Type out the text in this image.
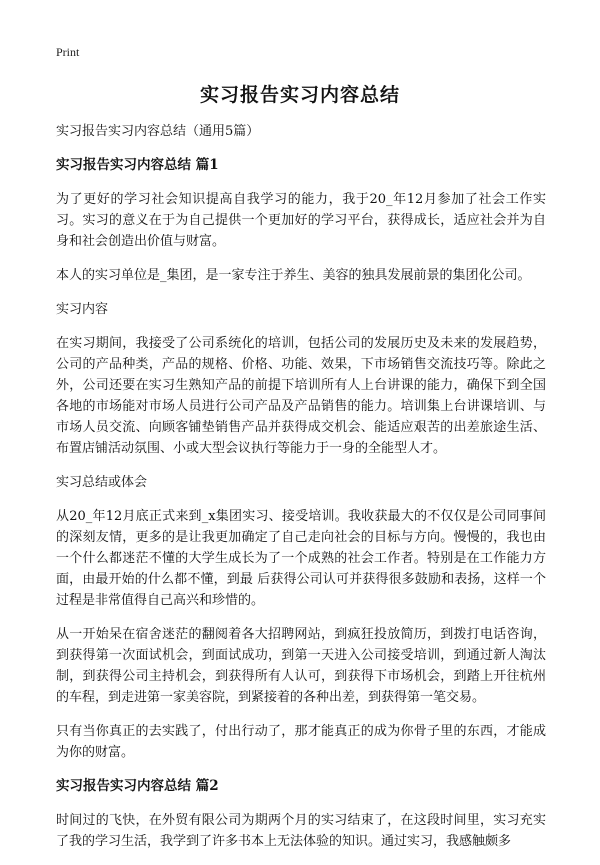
Print
实习报告实习内容总结

实习报告实习内容总结（通用5篇）

实习报告实习内容总结 篇1

为了更好的学习社会知识提高自我学习的能力，我于20_年12月参加了社会工作实习。实习的意义在于为自己提供一个更加好的学习平台，获得成长，适应社会并为自身和社会创造出价值与财富。

本人的实习单位是_集团，是一家专注于养生、美容的独具发展前景的集团化公司。

实习内容

在实习期间，我接受了公司系统化的培训，包括公司的发展历史及未来的发展趋势，公司的产品种类，产品的规格、价格、功能、效果，下市场销售交流技巧等。除此之外，公司还要在实习生熟知产品的前提下培训所有人上台讲课的能力，确保下到全国各地的市场能对市场人员进行公司产品及产品销售的能力。培训集上台讲课培训、与市场人员交流、向顾客铺垫销售产品并获得成交机会、能适应艰苦的出差旅途生活、布置店铺活动氛围、小或大型会议执行等能力于一身的全能型人才。

实习总结或体会

从20_年12月底正式来到_x集团实习、接受培训。我收获最大的不仅仅是公司同事间的深刻友情，更多的是让我更加确定了自己走向社会的目标与方向。慢慢的，我也由一个什么都迷茫不懂的大学生成长为了一个成熟的社会工作者。特别是在工作能力方面，由最开始的什么都不懂，到最 后获得公司认可并获得很多鼓励和表扬，这样一个过程是非常值得自己高兴和珍惜的。

从一开始呆在宿舍迷茫的翻阅着各大招聘网站，到疯狂投放简历，到拨打电话咨询，到获得第一次面试机会，到面试成功，到第一天进入公司接受培训，到通过新人淘汰制，到获得公司主持机会，到获得所有人认可，到获得下市场机会，到踏上开往杭州的车程，到走进第一家美容院，到紧接着的各种出差，到获得第一笔交易。

只有当你真正的去实践了，付出行动了，那才能真正的成为你骨子里的东西，才能成为你的财富。

实习报告实习内容总结 篇2

时间过的飞快，在外贸有限公司为期两个月的实习结束了，在这段时间里，实习充实了我的学习生活，我学到了许多书本上无法体验的知识。通过实习，我感触颇多
